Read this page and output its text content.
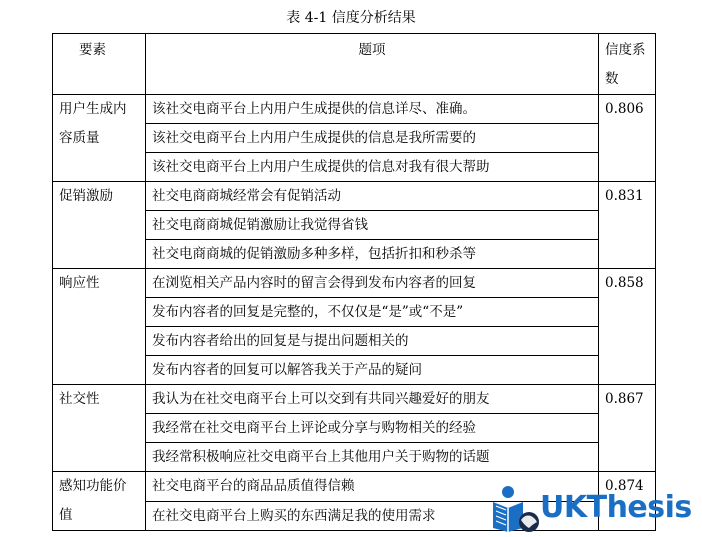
表 4-1 信度分析结果
要素	题项	信度系数
用户生成内容质量	该社交电商平台上内用户生成提供的信息详尽、准确。	0.806
	该社交电商平台上内用户生成提供的信息是我所需要的	
	该社交电商平台上内用户生成提供的信息对我有很大帮助	
促销激励	社交电商商城经常会有促销活动	0.831
	社交电商商城促销激励让我觉得省钱	
	社交电商商城的促销激励多种多样，包括折扣和秒杀等	
响应性	在浏览相关产品内容时的留言会得到发布内容者的回复	0.858
	发布内容者的回复是完整的，不仅仅是“是”或“不是”	
	发布内容者给出的回复是与提出问题相关的	
	发布内容者的回复可以解答我关于产品的疑问	
社交性	我认为在社交电商平台上可以交到有共同兴趣爱好的朋友	0.867
	我经常在社交电商平台上评论或分享与购物相关的经验	
	我经常积极响应社交电商平台上其他用户关于购物的话题	
感知功能价值	社交电商平台的商品品质值得信赖	0.874
	在社交电商平台上购买的东西满足我的使用需求		UKThesis
